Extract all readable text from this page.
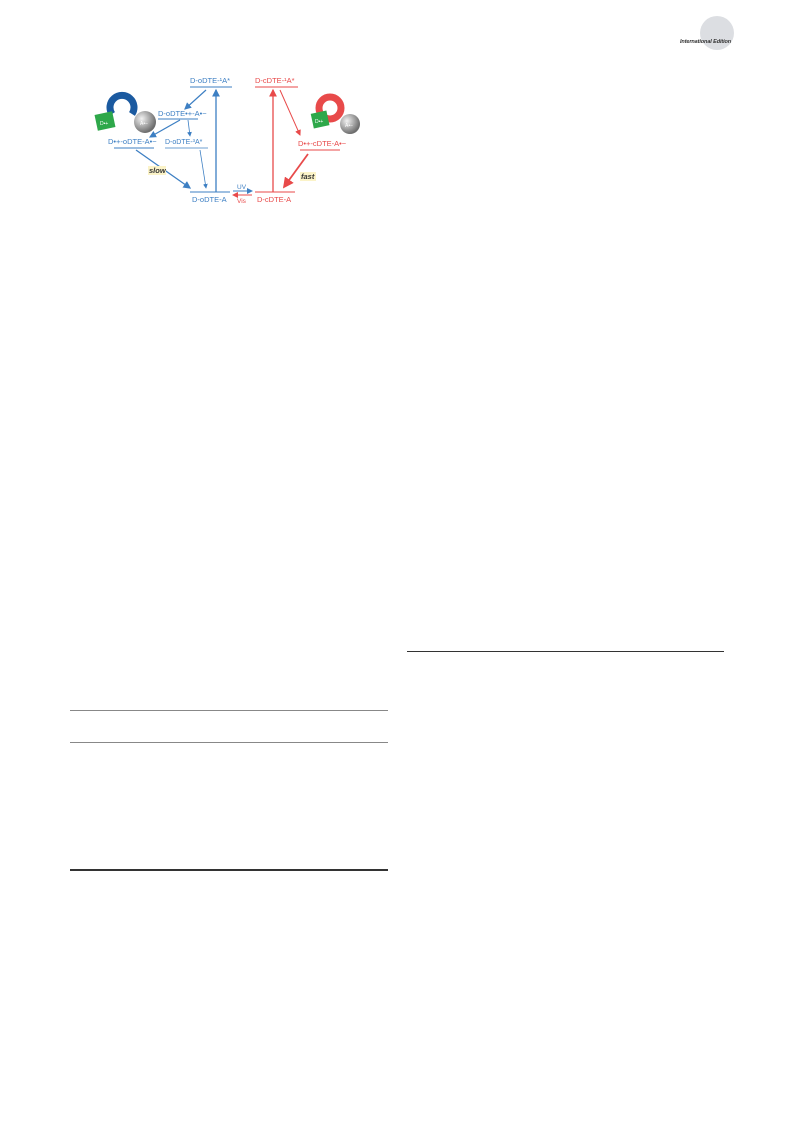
International Edition
D•+	A•−	D•+
A•−
D-oDTE-¹A*
D-oDTE•+-A•−
D•+-oDTE-A•− D-oDTE-³A*
D-oDTE-A
slow
UV
Vis
D-cDTE-¹A*
D•+-cDTE-A•−
D-cDTE-A
fast
